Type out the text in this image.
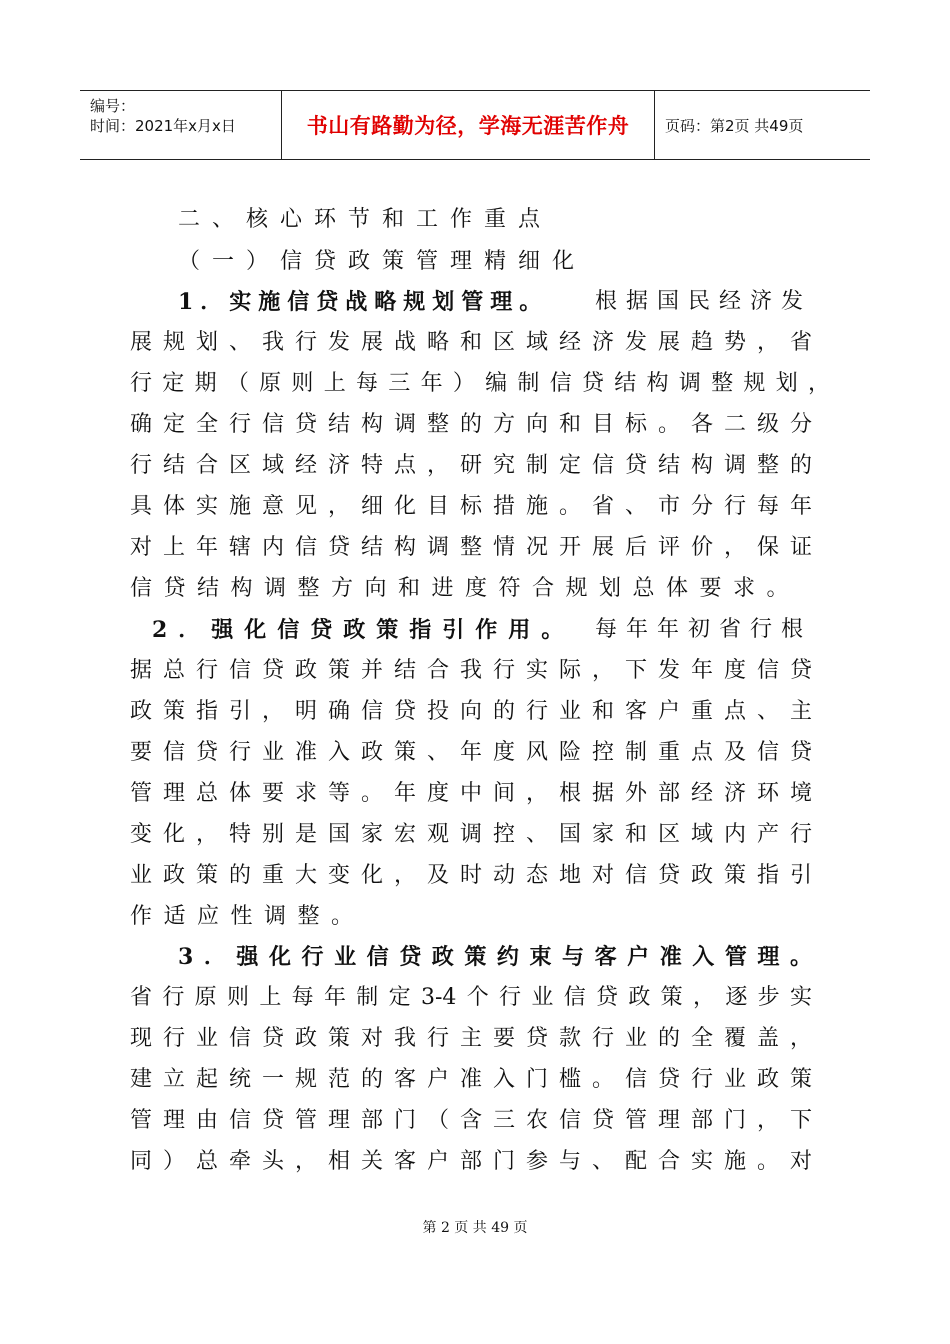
编号：
时间：2021年x月x日	书山有路勤为径，学海无涯苦作舟	页码：第2页 共49页
二、核心环节和工作重点
（一）信贷政策管理精细化
1．实施信贷战略规划管理。 根据国民经济发
展规划、我行发展战略和区域经济发展趋势，省
行定期（原则上每三年）编制信贷结构调整规划，
确定全行信贷结构调整的方向和目标。各二级分
行结合区域经济特点，研究制定信贷结构调整的
具体实施意见，细化目标措施。省、市分行每年
对上年辖内信贷结构调整情况开展后评价，保证
信贷结构调整方向和进度符合规划总体要求。
2．强化信贷政策指引作用。 每年年初省行根
据总行信贷政策并结合我行实际，下发年度信贷
政策指引，明确信贷投向的行业和客户重点、主
要信贷行业准入政策、年度风险控制重点及信贷
管理总体要求等。年度中间，根据外部经济环境
变化，特别是国家宏观调控、国家和区域内产行
业政策的重大变化，及时动态地对信贷政策指引
作适应性调整。
3．强化行业信贷政策约束与客户准入管理。
省行原则上每年制定3-4个行业信贷政策，逐步实
现行业信贷政策对我行主要贷款行业的全覆盖，
建立起统一规范的客户准入门槛。信贷行业政策
管理由信贷管理部门（含三农信贷管理部门，下
同）总牵头，相关客户部门参与、配合实施。对
第 2 页 共 49 页
